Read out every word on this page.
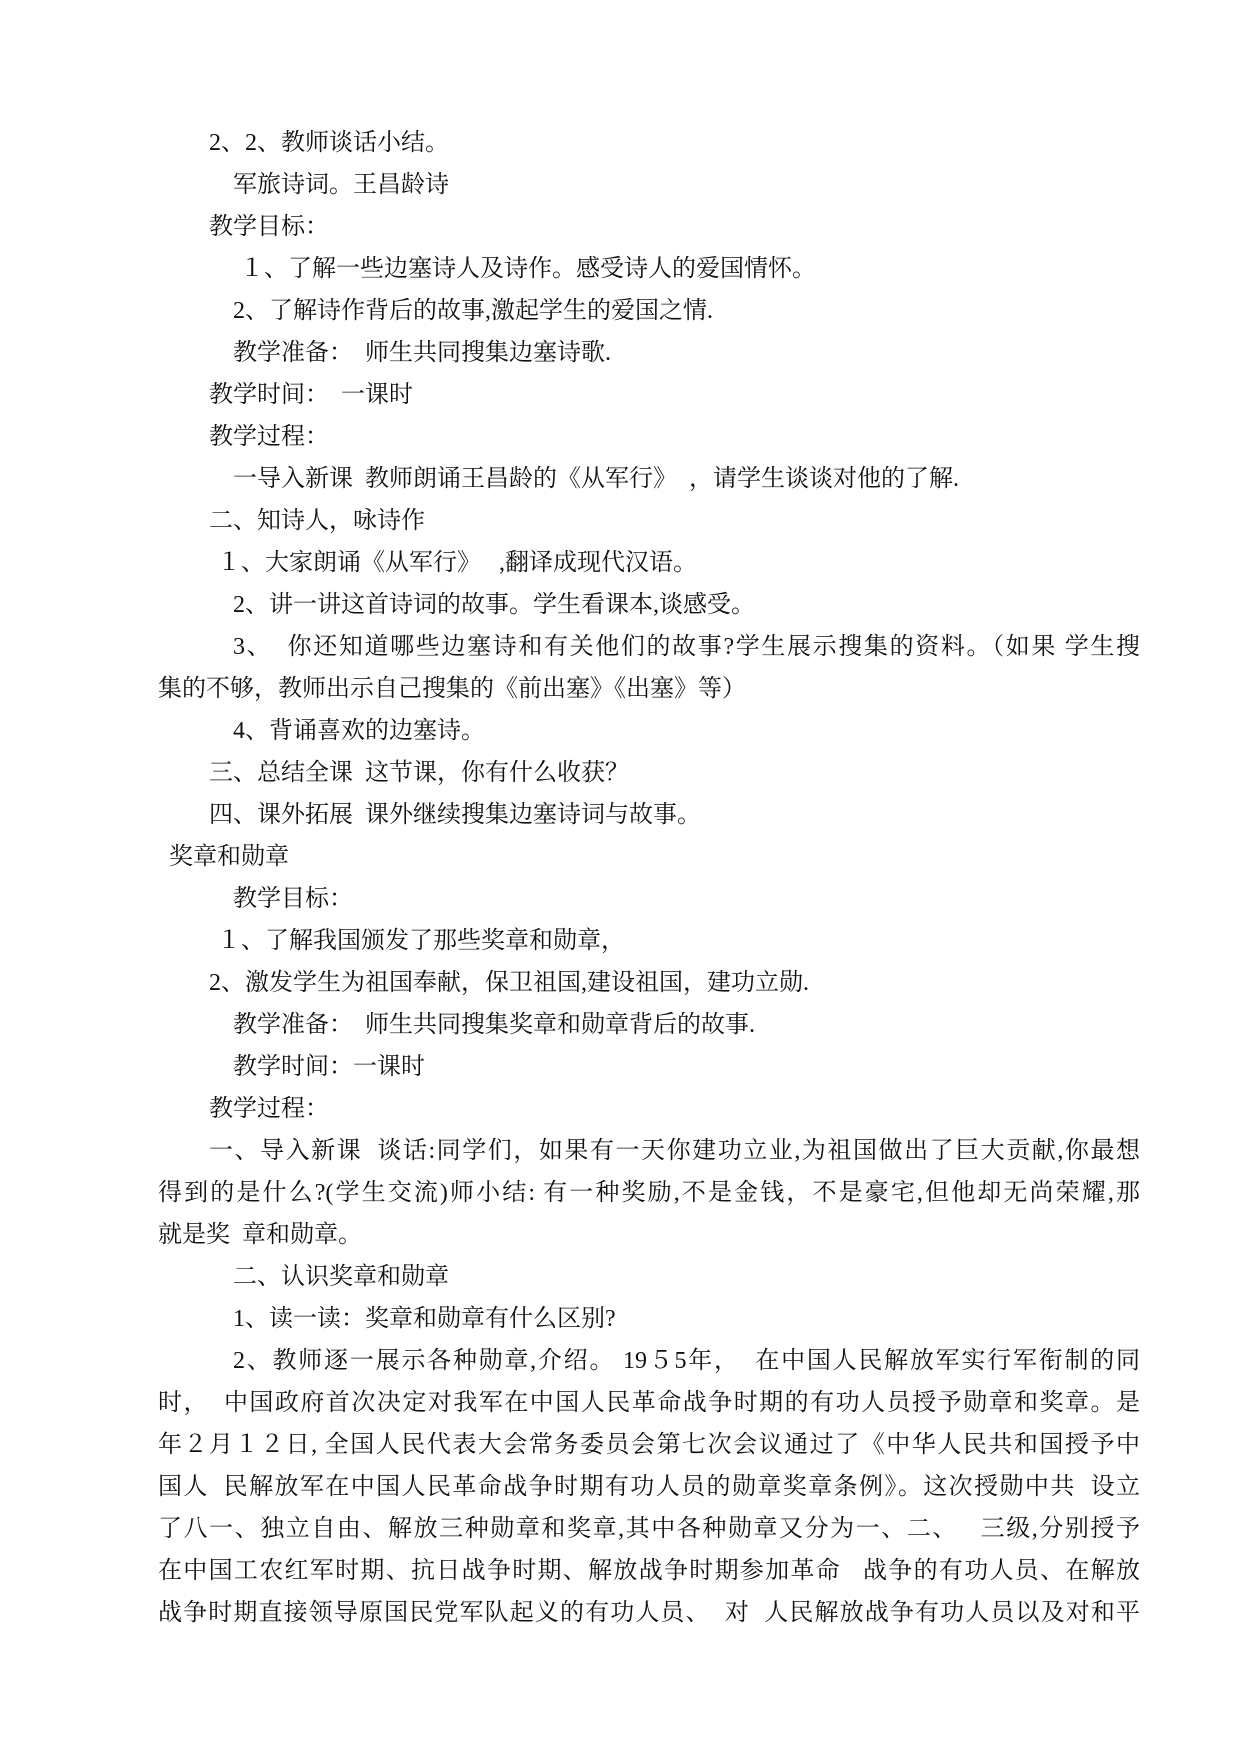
2、2、教师谈话小结。
军旅诗词。王昌龄诗
教学目标：
１、了解一些边塞诗人及诗作。感受诗人的爱国情怀。
2、了解诗作背后的故事,激起学生的爱国之情.
教学准备：  师生共同搜集边塞诗歌.
教学时间：  一课时
教学过程：
一导入新课  教师朗诵王昌龄的《从军行》  ，请学生谈谈对他的了解.
二、知诗人，咏诗作
１、大家朗诵《从军行》   ,翻译成现代汉语。
2、讲一讲这首诗词的故事。学生看课本,谈感受。
3、  你还知道哪些边塞诗和有关他们的故事?学生展示搜集的资料。（如果 学生搜
集的不够，教师出示自己搜集的《前出塞》《出塞》等）
4、背诵喜欢的边塞诗。
三、总结全课  这节课，你有什么收获？
四、课外拓展  课外继续搜集边塞诗词与故事。
奖章和勋章
教学目标：
１、了解我国颁发了那些奖章和勋章，
2、激发学生为祖国奉献，保卫祖国,建设祖国，建功立勋.
教学准备：  师生共同搜集奖章和勋章背后的故事.
教学时间：一课时
教学过程：
一、导入新课  谈话:同学们，如果有一天你建功立业,为祖国做出了巨大贡献,你最想
得到的是什么?(学生交流)师小结: 有一种奖励,不是金钱，不是豪宅,但他却无尚荣耀,那
就是奖  章和勋章。
二、认识奖章和勋章
1、读一读：奖章和勋章有什么区别?
2、教师逐一展示各种勋章,介绍。 19５5年，  在中国人民解放军实行军衔制的同
时，  中国政府首次决定对我军在中国人民革命战争时期的有功人员授予勋章和奖章。是
年２月１２日, 全国人民代表大会常务委员会第七次会议通过了《中华人民共和国授予中
国人  民解放军在中国人民革命战争时期有功人员的勋章奖章条例》。这次授勋中共  设立
了八一、独立自由、解放三种勋章和奖章,其中各种勋章又分为一、二、   三级,分别授予
在中国工农红军时期、抗日战争时期、解放战争时期参加革命   战争的有功人员、在解放
战争时期直接领导原国民党军队起义的有功人员、  对  人民解放战争有功人员以及对和平
